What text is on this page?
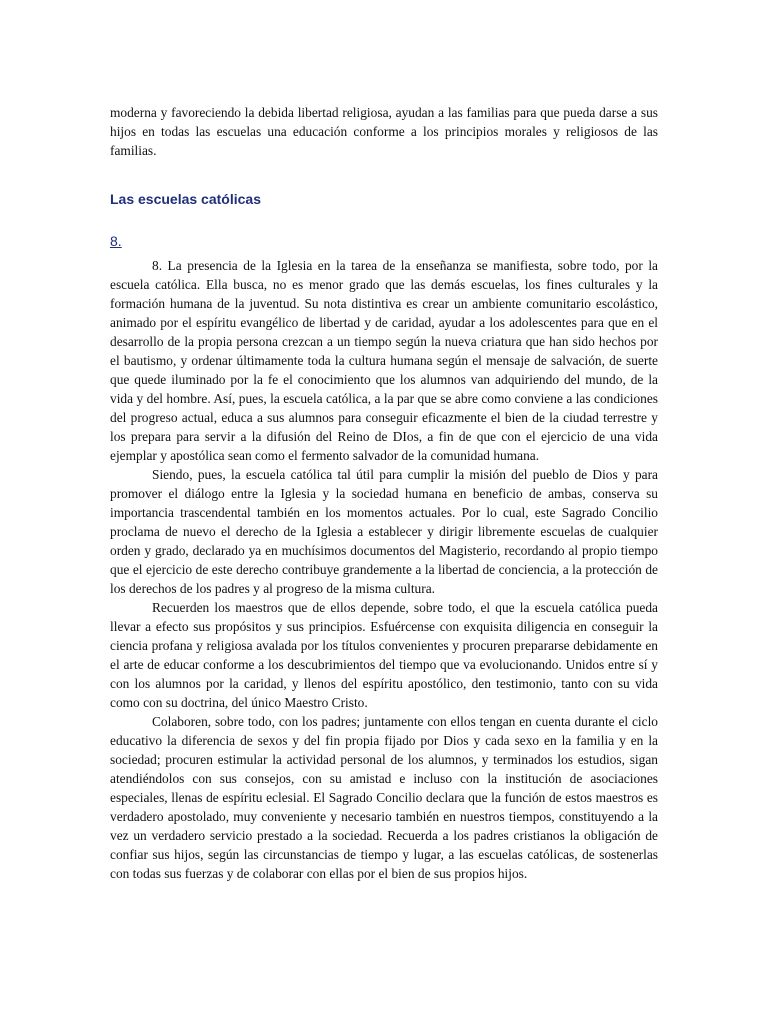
moderna y favoreciendo la debida libertad religiosa, ayudan a las familias para que pueda darse a sus hijos en todas las escuelas una educación conforme a los principios morales y religiosos de las familias.

Las escuelas católicas
8.

8. La presencia de la Iglesia en la tarea de la enseñanza se manifiesta, sobre todo, por la escuela católica. Ella busca, no es menor grado que las demás escuelas, los fines culturales y la formación humana de la juventud. Su nota distintiva es crear un ambiente comunitario escolástico, animado por el espíritu evangélico de libertad y de caridad, ayudar a los adolescentes para que en el desarrollo de la propia persona crezcan a un tiempo según la nueva criatura que han sido hechos por el bautismo, y ordenar últimamente toda la cultura humana según el mensaje de salvación, de suerte que quede iluminado por la fe el conocimiento que los alumnos van adquiriendo del mundo, de la vida y del hombre. Así, pues, la escuela católica, a la par que se abre como conviene a las condiciones del progreso actual, educa a sus alumnos para conseguir eficazmente el bien de la ciudad terrestre y los prepara para servir a la difusión del Reino de DIos, a fin de que con el ejercicio de una vida ejemplar y apostólica sean como el fermento salvador de la comunidad humana.

Siendo, pues, la escuela católica tal útil para cumplir la misión del pueblo de Dios y para promover el diálogo entre la Iglesia y la sociedad humana en beneficio de ambas, conserva su importancia trascendental también en los momentos actuales. Por lo cual, este Sagrado Concilio proclama de nuevo el derecho de la Iglesia a establecer y dirigir libremente escuelas de cualquier orden y grado, declarado ya en muchísimos documentos del Magisterio, recordando al propio tiempo que el ejercicio de este derecho contribuye grandemente a la libertad de conciencia, a la protección de los derechos de los padres y al progreso de la misma cultura.

Recuerden los maestros que de ellos depende, sobre todo, el que la escuela católica pueda llevar a efecto sus propósitos y sus principios. Esfuércense con exquisita diligencia en conseguir la ciencia profana y religiosa avalada por los títulos convenientes y procuren prepararse debidamente en el arte de educar conforme a los descubrimientos del tiempo que va evolucionando. Unidos entre sí y con los alumnos por la caridad, y llenos del espíritu apostólico, den testimonio, tanto con su vida como con su doctrina, del único Maestro Cristo.

Colaboren, sobre todo, con los padres; juntamente con ellos tengan en cuenta durante el ciclo educativo la diferencia de sexos y del fin propia fijado por Dios y cada sexo en la familia y en la sociedad; procuren estimular la actividad personal de los alumnos, y terminados los estudios, sigan atendiéndolos con sus consejos, con su amistad e incluso con la institución de asociaciones especiales, llenas de espíritu eclesial. El Sagrado Concilio declara que la función de estos maestros es verdadero apostolado, muy conveniente y necesario también en nuestros tiempos, constituyendo a la vez un verdadero servicio prestado a la sociedad. Recuerda a los padres cristianos la obligación de confiar sus hijos, según las circunstancias de tiempo y lugar, a las escuelas católicas, de sostenerlas con todas sus fuerzas y de colaborar con ellas por el bien de sus propios hijos.
